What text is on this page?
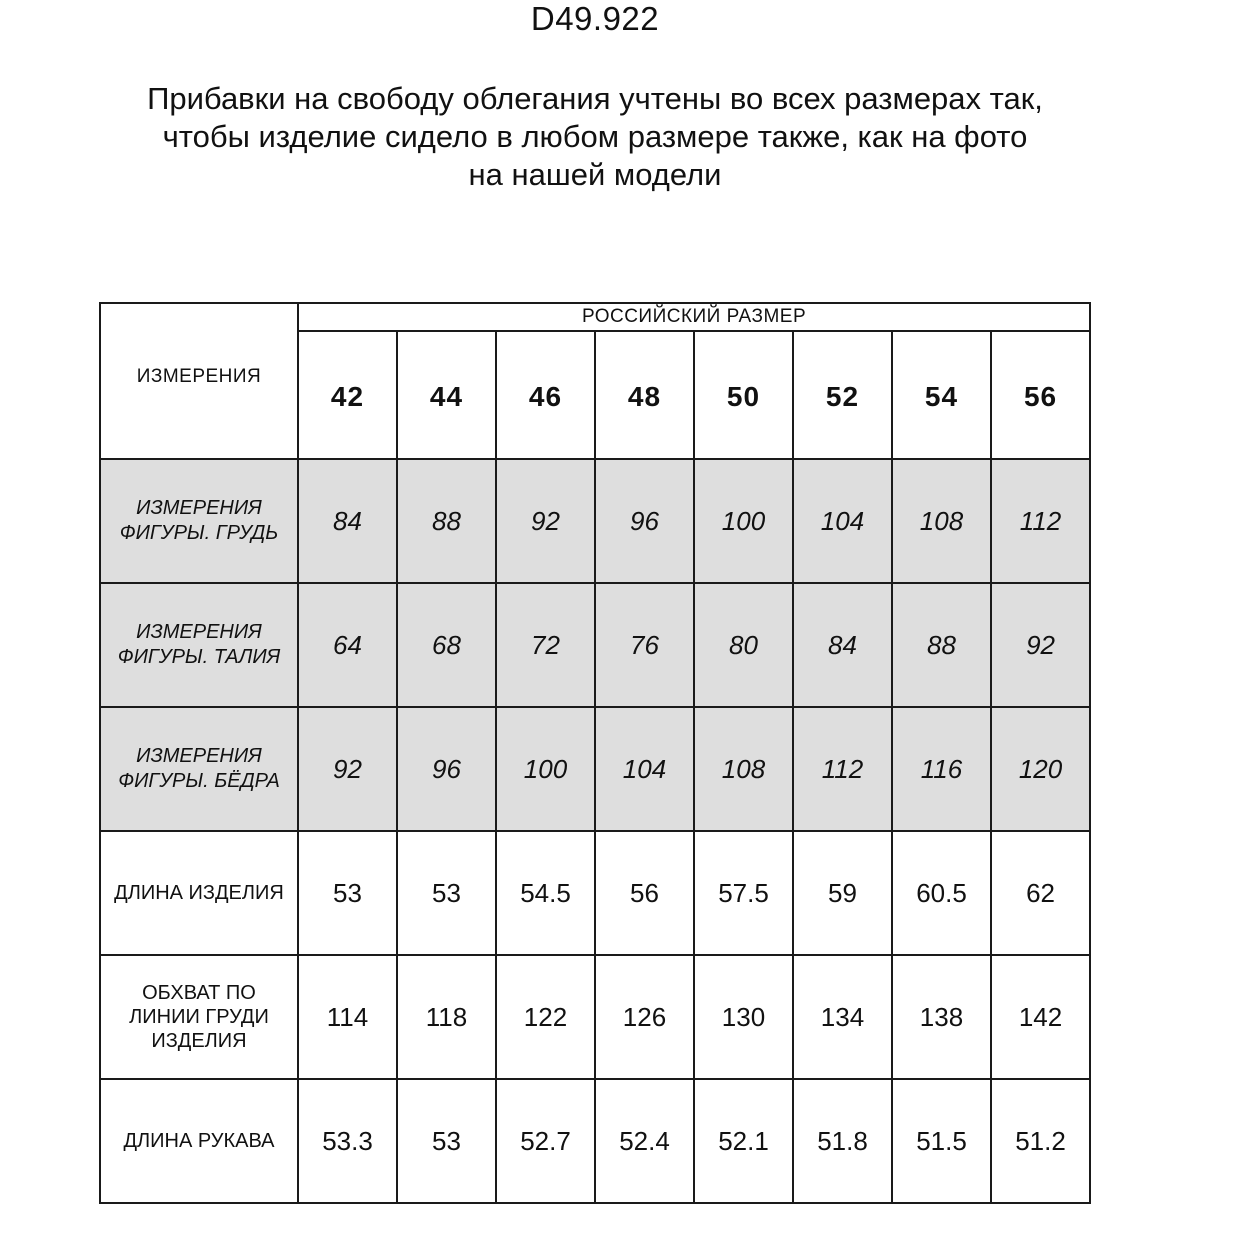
D49.922
Прибавки на свободу облегания учтены во всех размерах так,
чтобы изделие сидело в любом размере также, как на фото
на нашей модели
ИЗМЕРЕНИЯ	РОССИЙСКИЙ РАЗМЕР							
	42	44	46	48	50	52	54	56

ИЗМЕРЕНИЯ
ФИГУРЫ. ГРУДЬ	84	88	92	96	100	104	108	112

ИЗМЕРЕНИЯ
ФИГУРЫ. ТАЛИЯ	64	68	72	76	80	84	88	92

ИЗМЕРЕНИЯ
ФИГУРЫ. БЁДРА	92	96	100	104	108	112	116	120

ДЛИНА ИЗДЕЛИЯ	53	53	54.5	56	57.5	59	60.5	62

ОБХВАТ ПО
ЛИНИИ ГРУДИ
ИЗДЕЛИЯ	114	118	122	126	130	134	138	142

ДЛИНА РУКАВА	53.3	53	52.7	52.4	52.1	51.8	51.5	51.2
